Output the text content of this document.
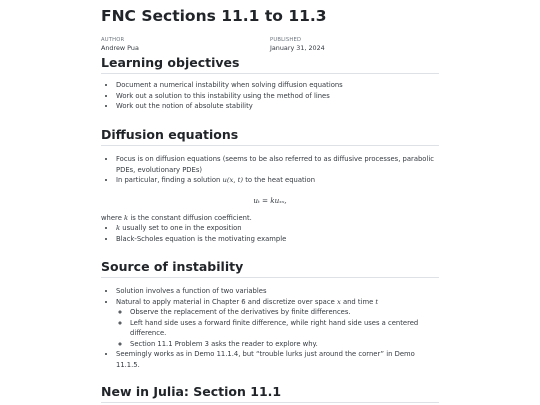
FNC Sections 11.1 to 11.3
AUTHOR
Andrew Pua
PUBLISHED
January 31, 2024
Learning objectives
• Document a numerical instability when solving diffusion equations
• Work out a solution to this instability using the method of lines
• Work out the notion of absolute stability
Diffusion equations
• Focus is on diffusion equations (seems to be also referred to as diffusive processes, parabolic PDEs, evolutionary PDEs)
• In particular, finding a solution u(x, t) to the heat equation
uₜ = kuₓₓ,
where k is the constant diffusion coefficient.
• k usually set to one in the exposition
• Black-Scholes equation is the motivating example
Source of instability
• Solution involves a function of two variables
• Natural to apply material in Chapter 6 and discretize over space x and time t
◦ Observe the replacement of the derivatives by finite differences.
◦ Left hand side uses a forward finite difference, while right hand side uses a centered difference.
◦ Section 11.1 Problem 3 asks the reader to explore why.
• Seemingly works as in Demo 11.1.4, but “trouble lurks just around the corner” in Demo 11.1.5.
New in Julia: Section 11.1
